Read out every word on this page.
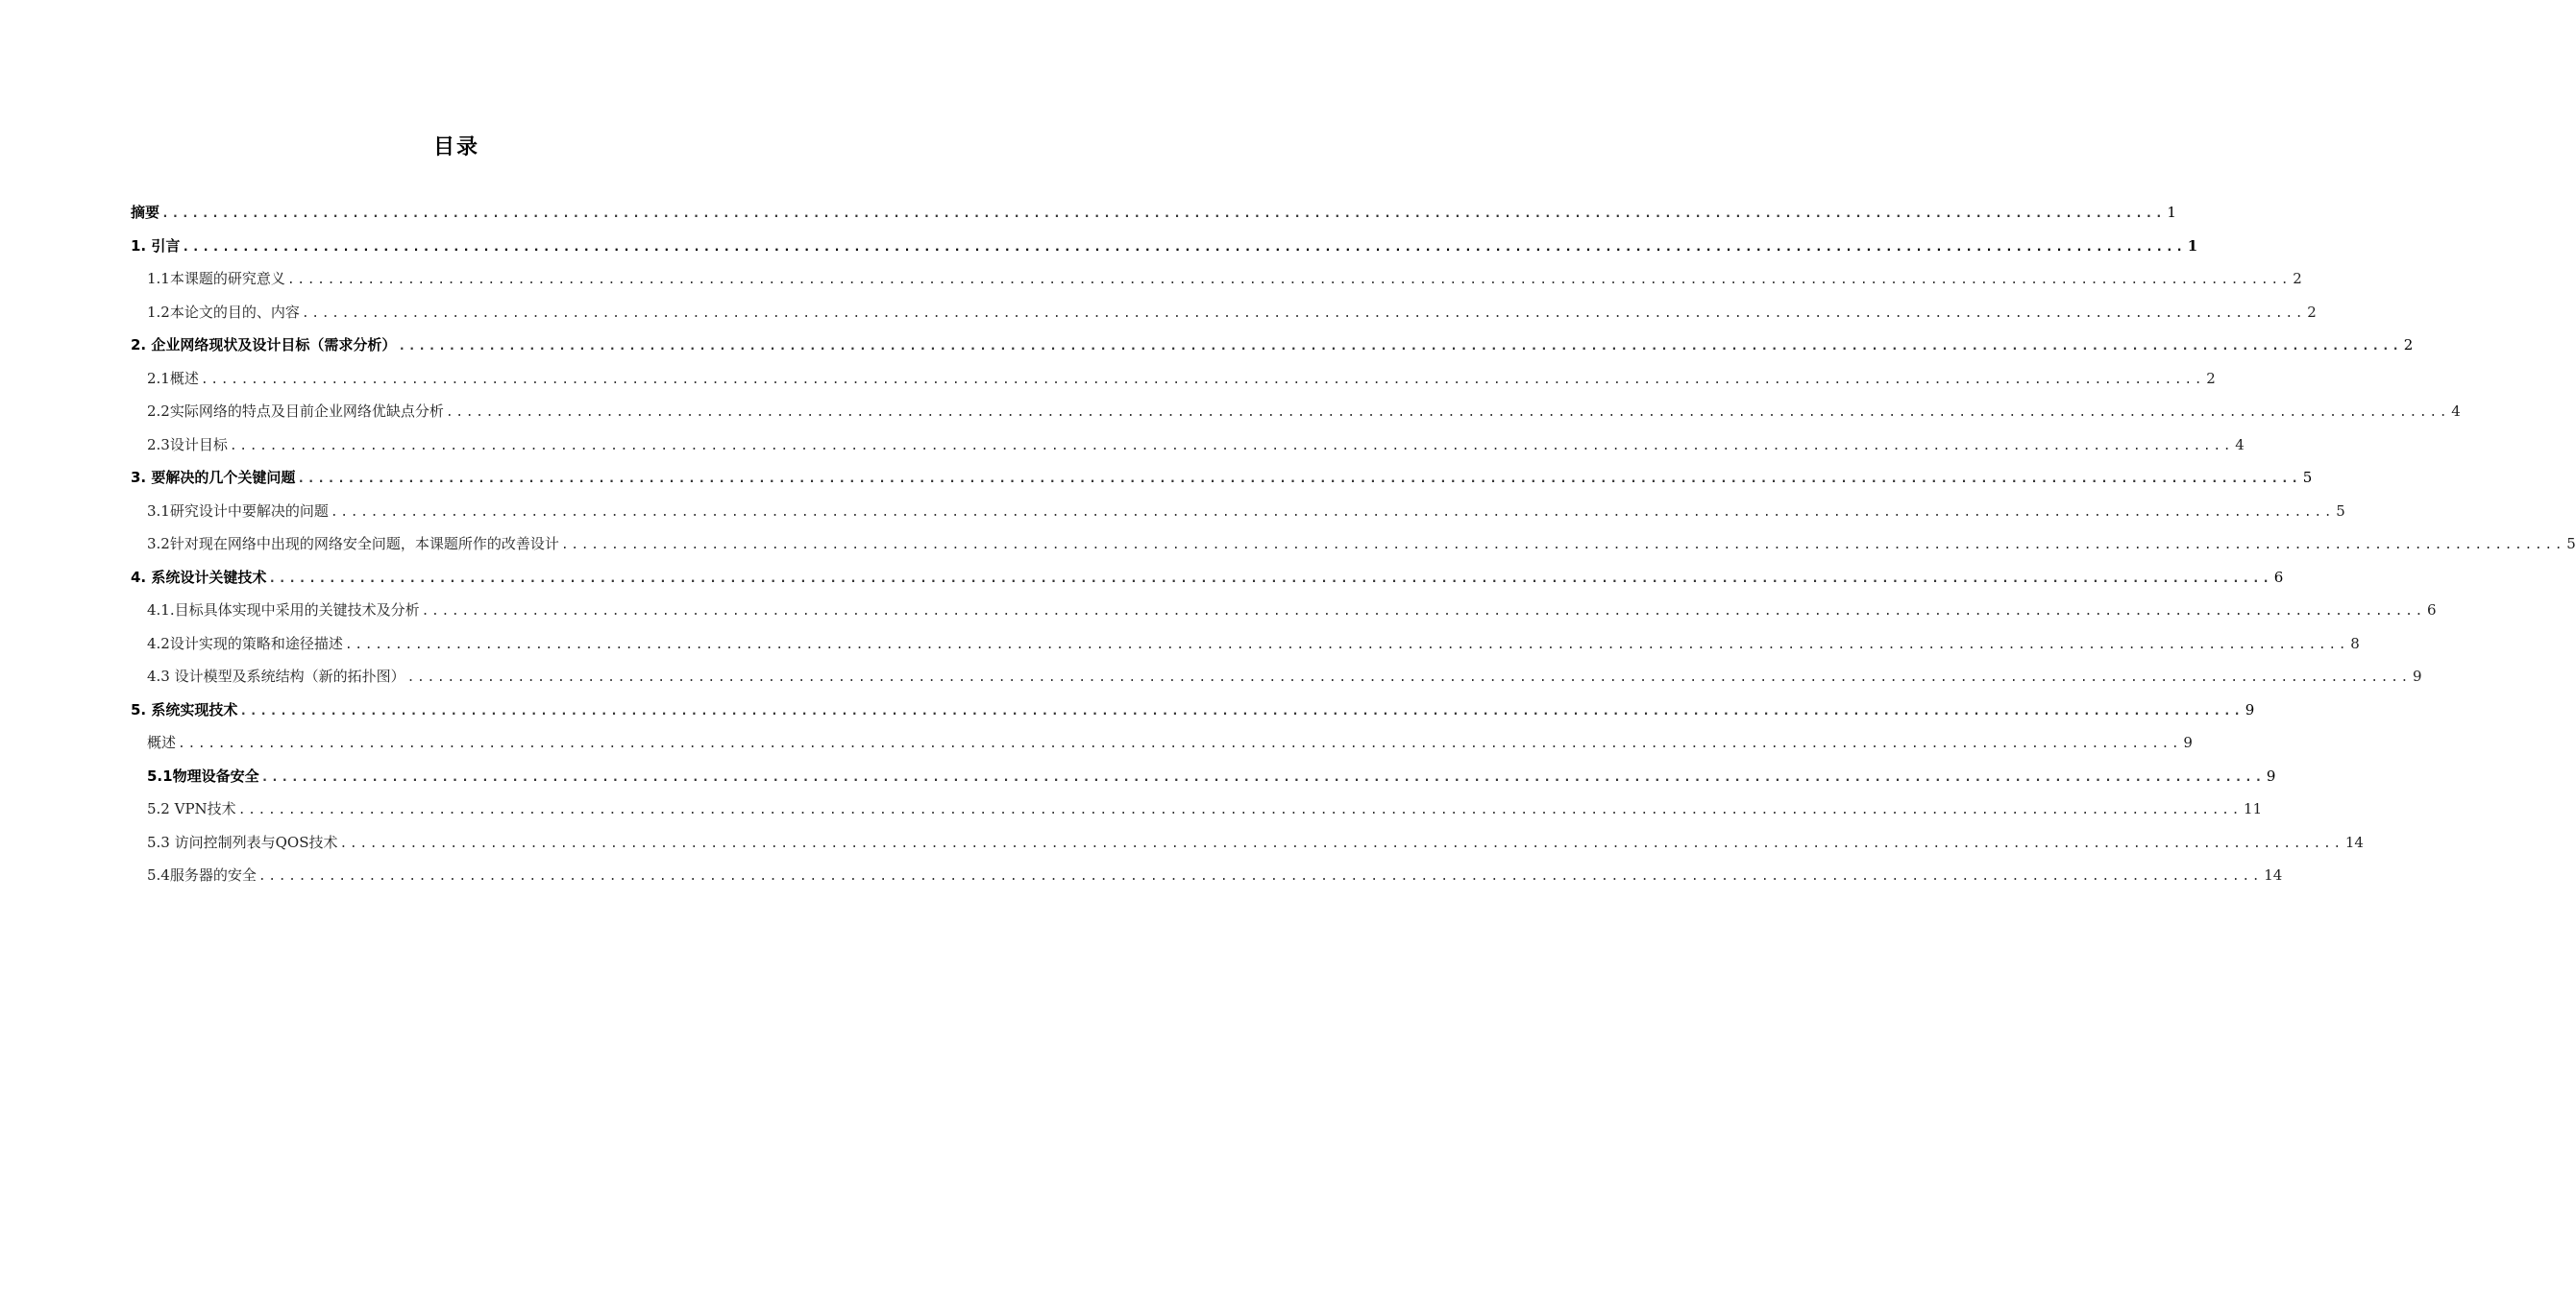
目录
摘要 ........................................................................................................................................................................................................ 1
1. 引言 ........................................................................................................................................................................................................ 1
1.1本课题的研究意义 ........................................................................................................................................................................................................ 2
1.2本论文的目的、内容 ........................................................................................................................................................................................................ 2
2. 企业网络现状及设计目标（需求分析） ........................................................................................................................................................................................................ 2
2.1概述 ........................................................................................................................................................................................................ 2
2.2实际网络的特点及目前企业网络优缺点分析 ........................................................................................................................................................................................................ 4
2.3设计目标 ........................................................................................................................................................................................................ 4
3. 要解决的几个关键问题 ........................................................................................................................................................................................................ 5
3.1研究设计中要解决的问题 ........................................................................................................................................................................................................ 5
3.2针对现在网络中出现的网络安全问题，本课题所作的改善设计 ........................................................................................................................................................................................................ 5
4. 系统设计关键技术 ........................................................................................................................................................................................................ 6
4.1.目标具体实现中采用的关键技术及分析 ........................................................................................................................................................................................................ 6
4.2设计实现的策略和途径描述 ........................................................................................................................................................................................................ 8
4.3 设计模型及系统结构（新的拓扑图） ........................................................................................................................................................................................................ 9
5. 系统实现技术 ........................................................................................................................................................................................................ 9
概述 ........................................................................................................................................................................................................ 9
5.1物理设备安全 ........................................................................................................................................................................................................ 9
5.2 VPN技术 ........................................................................................................................................................................................................ 11
5.3 访问控制列表与QOS技术 ........................................................................................................................................................................................................ 14
5.4服务器的安全 ........................................................................................................................................................................................................ 14
